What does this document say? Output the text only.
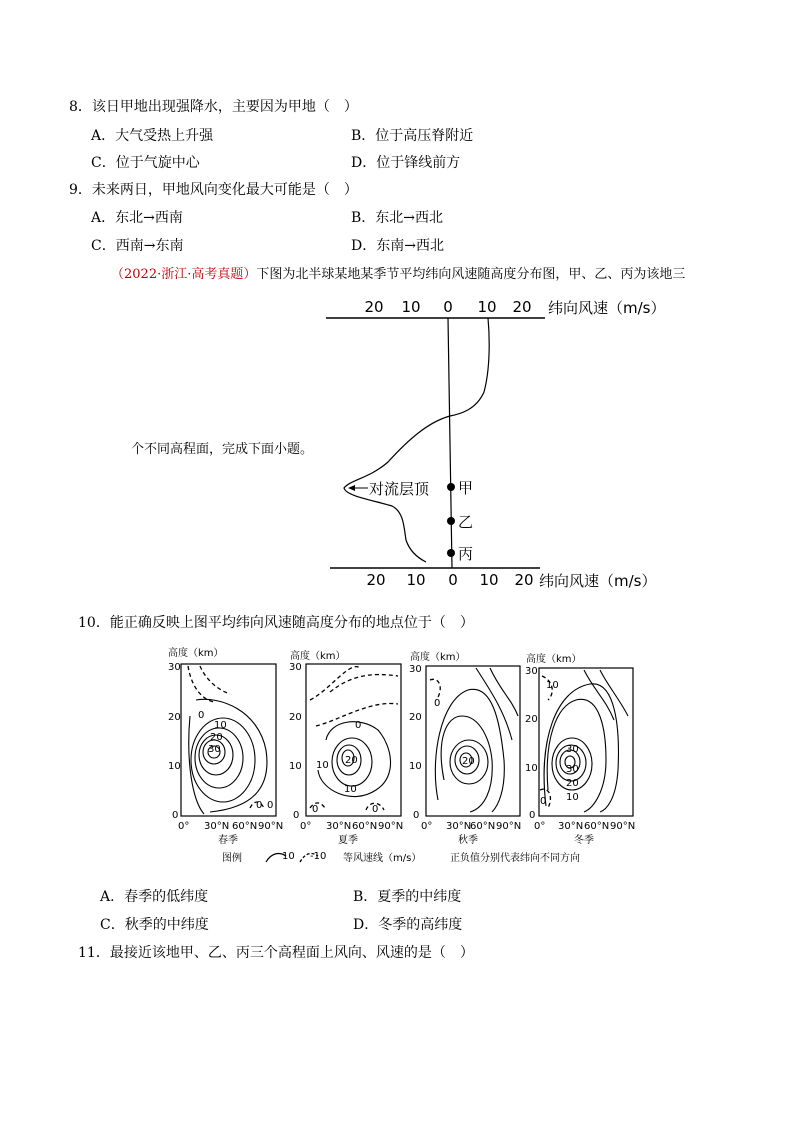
8．该日甲地出现强降水，主要因为甲地（　）
A．大气受热上升强	B．位于高压脊附近
C．位于气旋中心	D．位于锋线前方
9．未来两日，甲地风向变化最大可能是（　）
A．东北→西南	B．东北→西北
C．西南→东南	D．东南→西北
（2022·浙江·高考真题）下图为北半球某地某季节平均纬向风速随高度分布图，甲、乙、丙为该地三
个不同高程面，完成下面小题。
20 10 0 10 20 纬向风速（m/s）
20 10 0 10 20 纬向风速（m/s）
对流层顶 甲
乙
丙
10．能正确反映上图平均纬向风速随高度分布的地点位于（　）
高度（km）
30
20
10
0
0
10
20
30
0 0
0° 30°N 60°N 90°N
春季
高度（km）
30
20
10
0
0
10 20
10
0	0
0° 30°N 60°N 90°N
夏季
高度（km）
30
20
10
0
0
20
0° 30°N
60°N 90°N
秋季
高度（km）
30
20
10
0
10
30
30
20
10
0
0° 30°N 60°N 90°N
冬季
图例	10 -10 等风速线（m/s）	正负值分别代表纬向不同方向
A．春季的低纬度	B．夏季的中纬度
C．秋季的中纬度	D．冬季的高纬度
11．最接近该地甲、乙、丙三个高程面上风向、风速的是（　）
